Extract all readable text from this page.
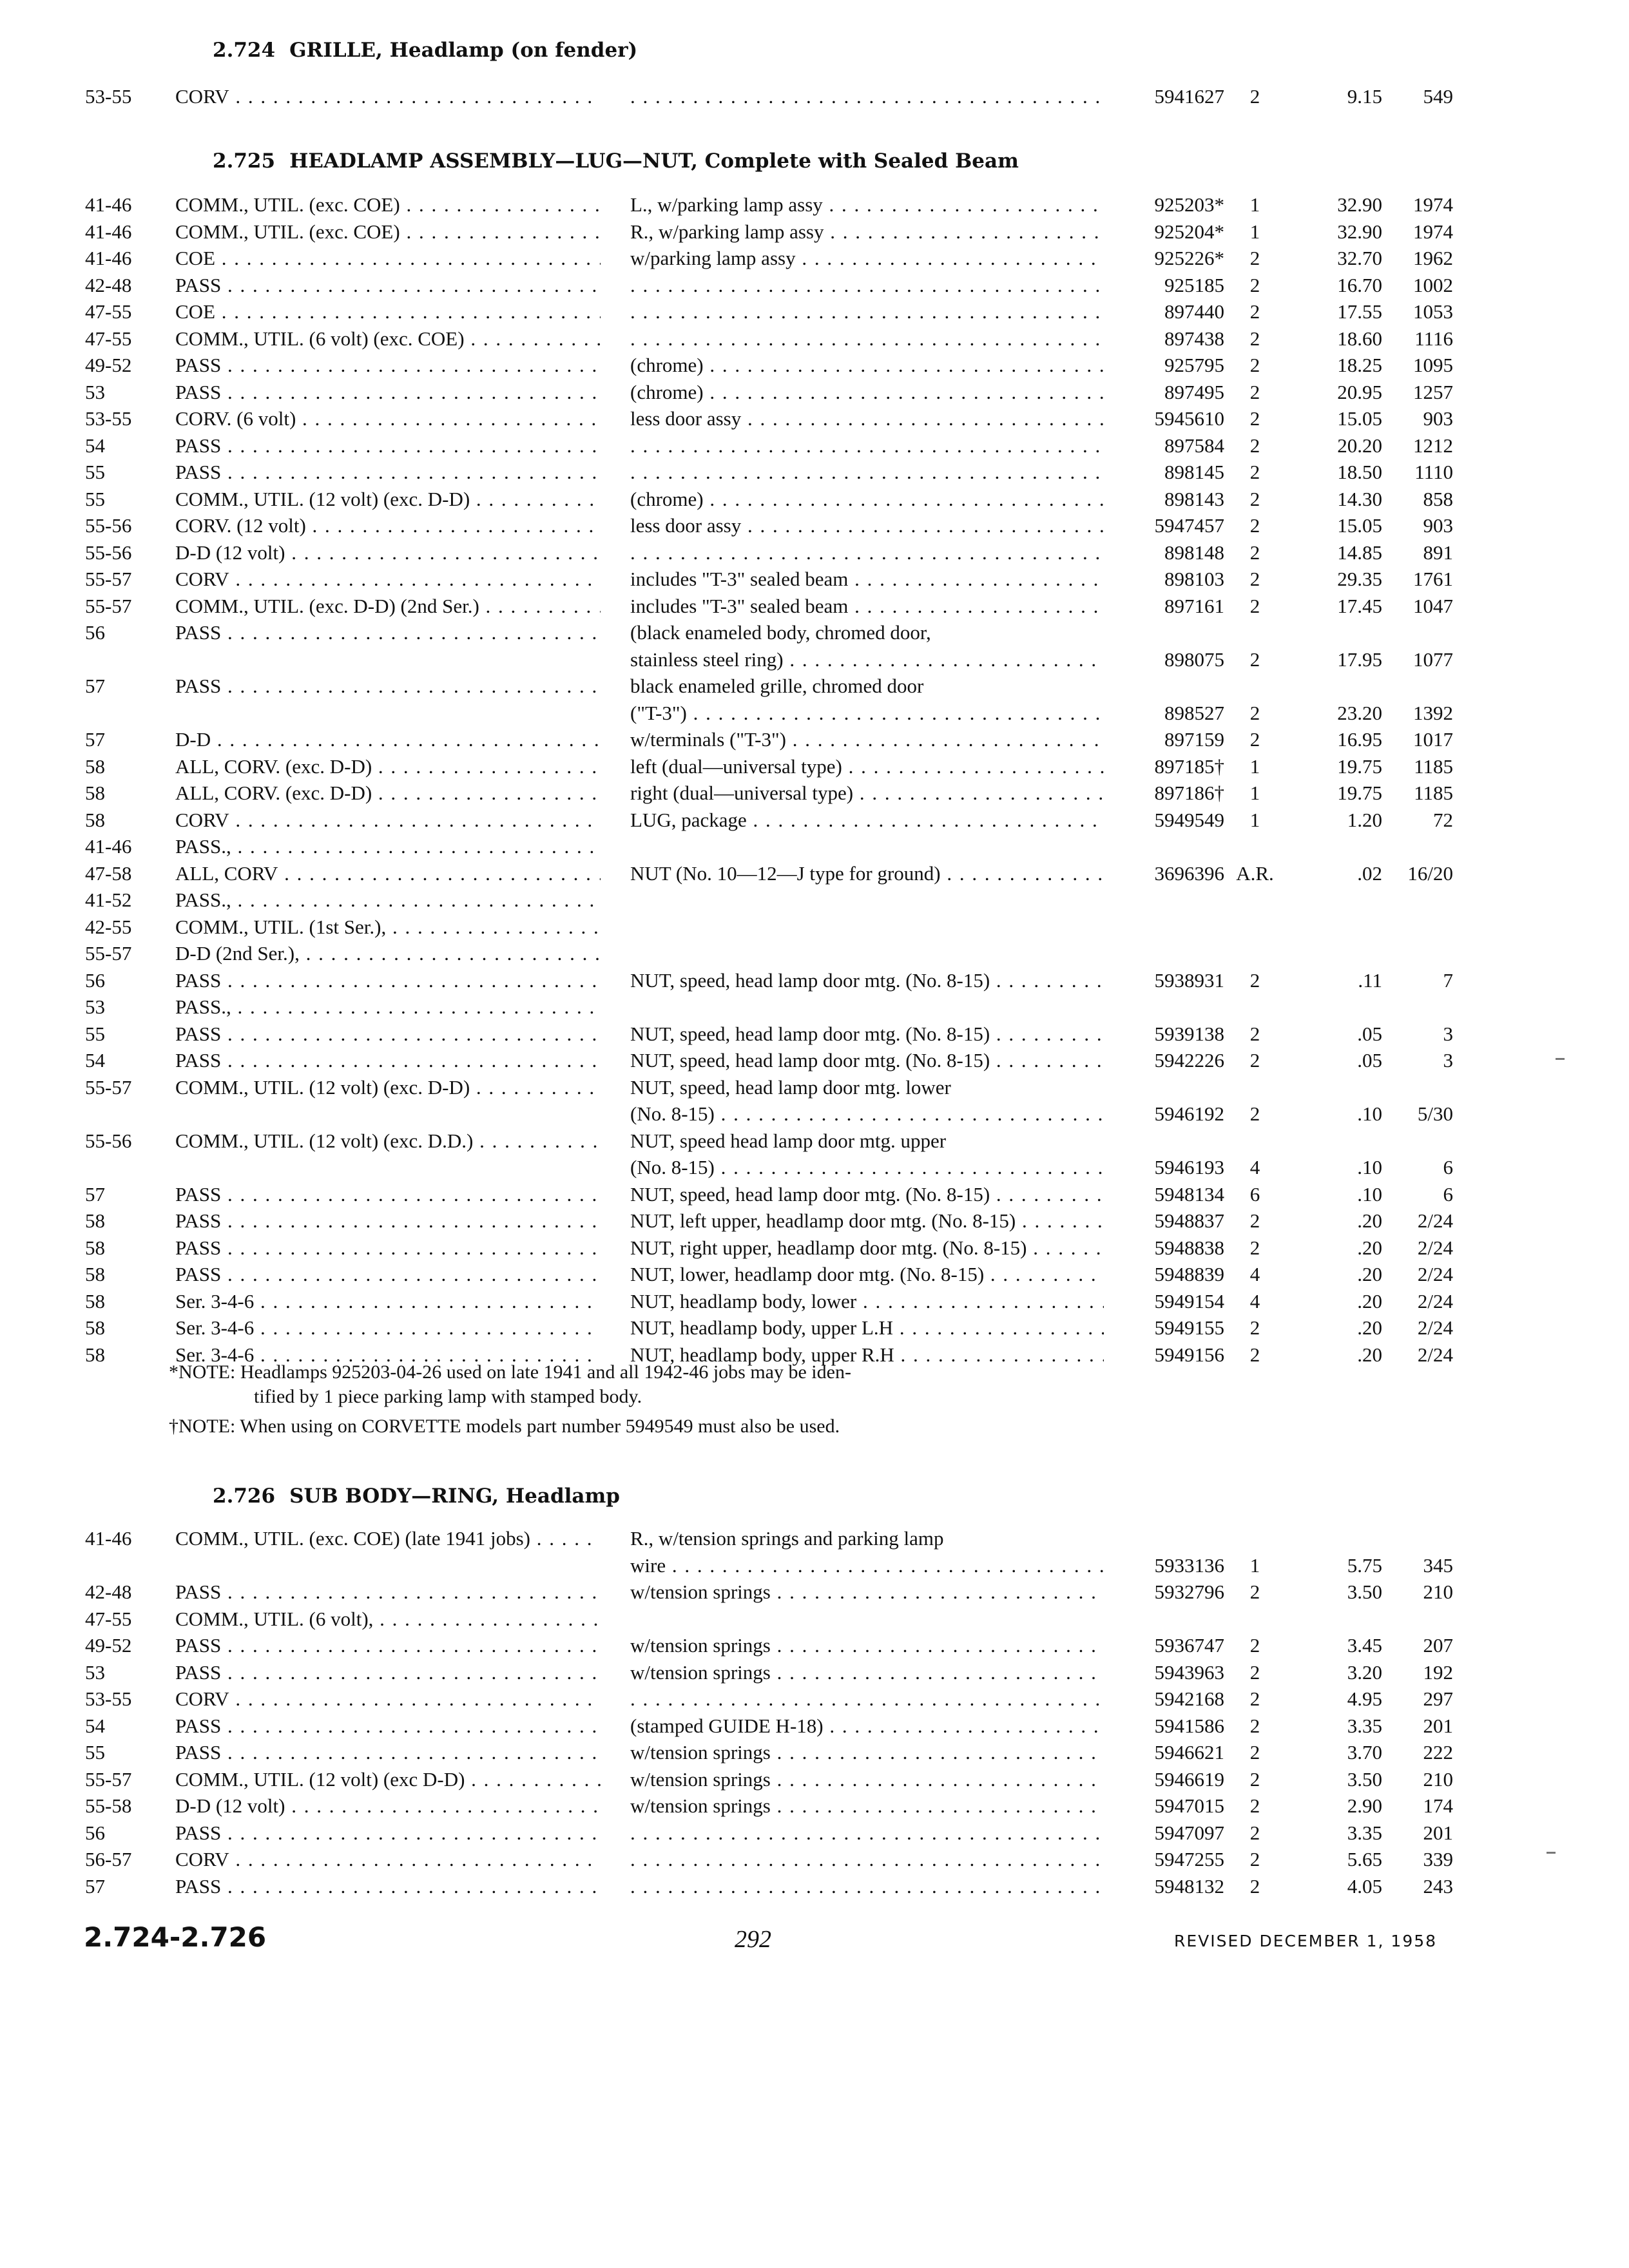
2.724 GRILLE, Headlamp (on fender)
53-55	CORV . . . . . .	5941627	2	9.15	549
2.725 HEADLAMP ASSEMBLY—LUG—NUT, Complete with Sealed Beam
41-46	COMM., UTIL. (exc. COE) . . .	L., w/parking lamp assy . . .	925203*	1	32.90	1974
41-46	COMM., UTIL. (exc. COE) . . .	R., w/parking lamp assy . . .	925204*	1	32.90	1974
41-46	COE . . .	w/parking lamp assy . . .	925226*	2	32.70	1962
42-48	PASS . . . . . .	925185	2	16.70	1002
47-55	COE . . . . . .	897440	2	17.55	1053
47-55	COMM., UTIL. (6 volt) (exc. COE) . . . . . .	897438	2	18.60	1116
49-52	PASS . . .	(chrome) . . .	925795	2	18.25	1095
53	PASS . . .	(chrome) . . .	897495	2	20.95	1257
53-55	CORV. (6 volt) . . .	less door assy . . .	5945610	2	15.05	903
54	PASS . . . . . .	897584	2	20.20	1212
55	PASS . . . . . .	898145	2	18.50	1110
55	COMM., UTIL. (12 volt) (exc. D-D) . . .	(chrome) . . .	898143	2	14.30	858
55-56	CORV. (12 volt) . . .	less door assy . . .	5947457	2	15.05	903
55-56	D-D (12 volt) . . . . . .	898148	2	14.85	891
55-57	CORV . . .	includes "T-3" sealed beam . . .	898103	2	29.35	1761
55-57	COMM., UTIL. (exc. D-D) (2nd Ser.) . . .	includes "T-3" sealed beam . . .	897161	2	17.45	1047
56	PASS . . .	(black enameled body, chromed door,
stainless steel ring) . . .	898075	2	17.95	1077
57	PASS . . .	black enameled grille, chromed door
("T-3") . . .	898527	2	23.20	1392
57	D-D . . .	w/terminals ("T-3") . . .	897159	2	16.95	1017
58	ALL, CORV. (exc. D-D) . . .	left (dual—universal type) . . .	897185†	1	19.75	1185
58	ALL, CORV. (exc. D-D) . . .	right (dual—universal type) . . .	897186†	1	19.75	1185
58	CORV . . .	LUG, package . . .	5949549	1	1.20	72
41-46	PASS., . . .
47-58	ALL, CORV . . .	NUT (No. 10—12—J type for ground) . . .	3696396 A.R.	.02	16/20
41-52	PASS., . . .
42-55	COMM., UTIL. (1st Ser.), . . .
55-57	D-D (2nd Ser.), . . .
56	PASS . . .	NUT, speed, head lamp door mtg. (No. 8-15) . . .	5938931	2	.11	7
53	PASS., . . .
55	PASS . . .	NUT, speed, head lamp door mtg. (No. 8-15) . . .	5939138	2	.05	3
54	PASS . . .	NUT, speed, head lamp door mtg. (No. 8-15) . . .	5942226	2	.05	3
55-57	COMM., UTIL. (12 volt) (exc. D-D) . . .	NUT, speed, head lamp door mtg. lower
(No. 8-15) . . .	5946192	2	.10	5/30
55-56	COMM., UTIL. (12 volt) (exc. D.D.) . . .	NUT, speed head lamp door mtg. upper
(No. 8-15) . . .	5946193	4	.10	6
57	PASS . . .	NUT, speed, head lamp door mtg. (No. 8-15) . . .	5948134	6	.10	6
58	PASS . . .	NUT, left upper, headlamp door mtg. (No. 8-15) . . .	5948837	2	.20	2/24
58	PASS . . .	NUT, right upper, headlamp door mtg. (No. 8-15) . . .	5948838	2	.20	2/24
58	PASS . . .	NUT, lower, headlamp door mtg. (No. 8-15) . . .	5948839	4	.20	2/24
58	Ser. 3-4-6 . . .	NUT, headlamp body, lower . . .	5949154	4	.20	2/24
58	Ser. 3-4-6 . . .	NUT, headlamp body, upper L.H . . .	5949155	2	.20	2/24
58	Ser. 3-4-6 . . .	NUT, headlamp body, upper R.H . . .	5949156	2	.20	2/24
*NOTE: Headlamps 925203-04-26 used on late 1941 and all 1942-46 jobs may be iden-
tified by 1 piece parking lamp with stamped body.
†NOTE: When using on CORVETTE models part number 5949549 must also be used.
2.726 SUB BODY—RING, Headlamp
41-46	COMM., UTIL. (exc. COE) (late 1941 jobs) . . .	R., w/tension springs and parking lamp
wire . . .	5933136	1	5.75	345
42-48	PASS . . .	w/tension springs . . .	5932796	2	3.50	210
47-55	COMM., UTIL. (6 volt), . . .
49-52	PASS . . .	w/tension springs . . .	5936747	2	3.45	207
53	PASS . . .	w/tension springs . . .	5943963	2	3.20	192
53-55	CORV . . . . . .	5942168	2	4.95	297
54	PASS . . .	(stamped GUIDE H-18) . . .	5941586	2	3.35	201
55	PASS . . .	w/tension springs . . .	5946621	2	3.70	222
55-57	COMM., UTIL. (12 volt) (exc D-D) . . .	w/tension springs . . .	5946619	2	3.50	210
55-58	D-D (12 volt) . . .	w/tension springs . . .	5947015	2	2.90	174
56	PASS . . . . . .	5947097	2	3.35	201
56-57	CORV . . . . . .	5947255	2	5.65	339
57	PASS . . . . . .	5948132	2	4.05	243
2.724-2.726	292	REVISED DECEMBER 1, 1958
